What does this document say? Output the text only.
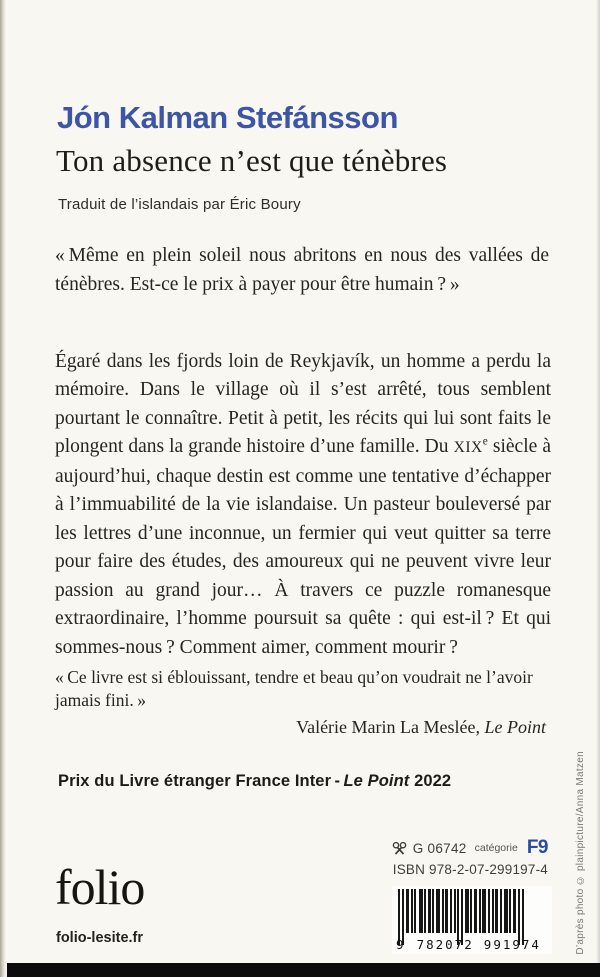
Jón Kalman Stefánsson
Ton absence n’est que ténèbres
Traduit de l’islandais par Éric Boury
« Même en plein soleil nous abritons en nous des vallées de ténèbres. Est-ce le prix à payer pour être humain ? »

Égaré dans les fjords loin de Reykjavík, un homme a perdu la mémoire. Dans le village où il s’est arrêté, tous semblent pourtant le connaître. Petit à petit, les récits qui lui sont faits le plongent dans la grande histoire d’une famille. Du XIXe siècle à aujourd’hui, chaque destin est comme une tentative d’échapper à l’immuabilité de la vie islandaise. Un pasteur bouleversé par les lettres d’une inconnue, un fermier qui veut quitter sa terre pour faire des études, des amoureux qui ne peuvent vivre leur passion au grand jour… À travers ce puzzle romanesque extraordinaire, l’homme poursuit sa quête : qui est-il ? Et qui sommes-nous ? Comment aimer, comment mourir ?

« Ce livre est si éblouissant, tendre et beau qu’on voudrait ne l’avoir jamais fini. »
Valérie Marin La Meslée, Le Point
Prix du Livre étranger France Inter - Le Point 2022
folio
folio-lesite.fr
G 06742 catégorie F9
ISBN 978-2-07-299197-4
9	782072 991974	D’après photo © plainpicture/Anna Matzen
